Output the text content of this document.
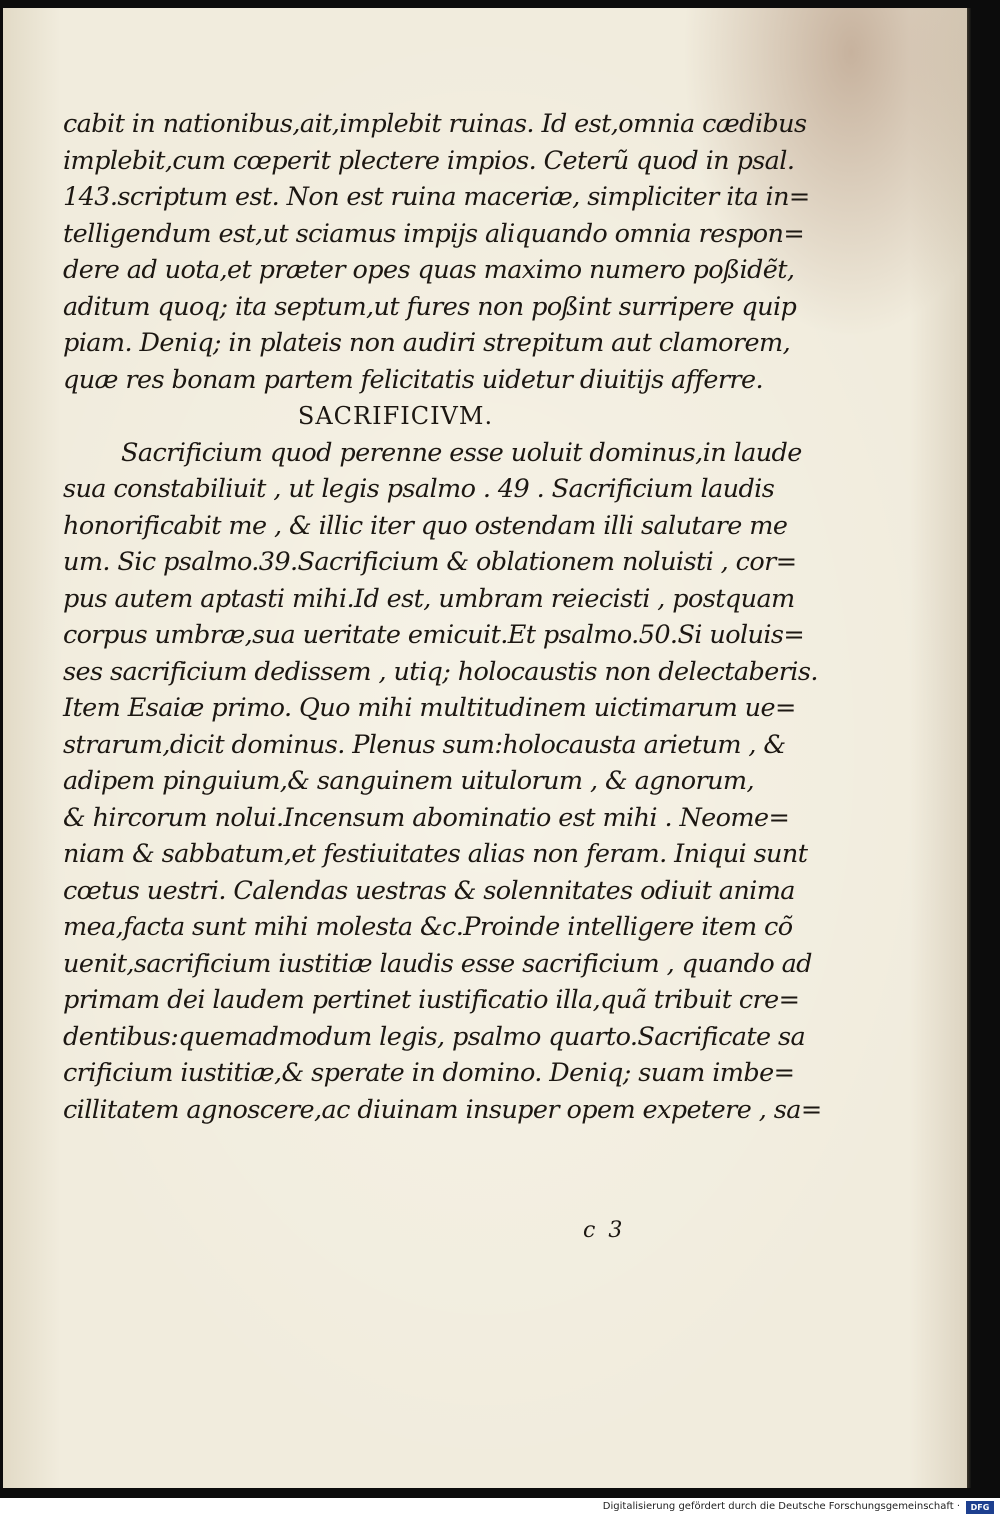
cabit in nationibus,ait,implebit ruinas. Id est,omnia cædibus
implebit,cum cœperit plectere impios. Ceterũ quod in psal.
143.scriptum est. Non est ruina maceriæ, simpliciter ita in=
telligendum est,ut sciamus impijs aliquando omnia respon=
dere ad uota,et præter opes quas maximo numero poßidẽt,
aditum quoq; ita septum,ut fures non poßint surripere quip
piam. Deniq; in plateis non audiri strepitum aut clamorem,
quæ res bonam partem felicitatis uidetur diuitijs afferre.
SACRIFICIVM.
Sacrificium quod perenne esse uoluit dominus,in laude
sua constabiliuit , ut legis psalmo . 49 . Sacrificium laudis
honorificabit me , & illic iter quo ostendam illi salutare me
um. Sic psalmo.39.Sacrificium & oblationem noluisti , cor=
pus autem aptasti mihi.Id est, umbram reiecisti , postquam
corpus umbræ,sua ueritate emicuit.Et psalmo.50.Si uoluis=
ses sacrificium dedissem , utiq; holocaustis non delectaberis.
Item Esaiæ primo. Quo mihi multitudinem uictimarum ue=
strarum,dicit dominus. Plenus sum:holocausta arietum , &
adipem pinguium,& sanguinem uitulorum , & agnorum,
& hircorum nolui.Incensum abominatio est mihi . Neome=
niam & sabbatum,et festiuitates alias non feram. Iniqui sunt
cœtus uestri. Calendas uestras & solennitates odiuit anima
mea,facta sunt mihi molesta &c.Proinde intelligere item cõ
uenit,sacrificium iustitiæ laudis esse sacrificium , quando ad
primam dei laudem pertinet iustificatio illa,quã tribuit cre=
dentibus:quemadmodum legis, psalmo quarto.Sacrificate sa
crificium iustitiæ,& sperate in domino. Deniq; suam imbe=
cillitatem agnoscere,ac diuinam insuper opem expetere , sa=
c 3
Digitalisierung gefördert durch die Deutsche Forschungsgemeinschaft ·	DFG
